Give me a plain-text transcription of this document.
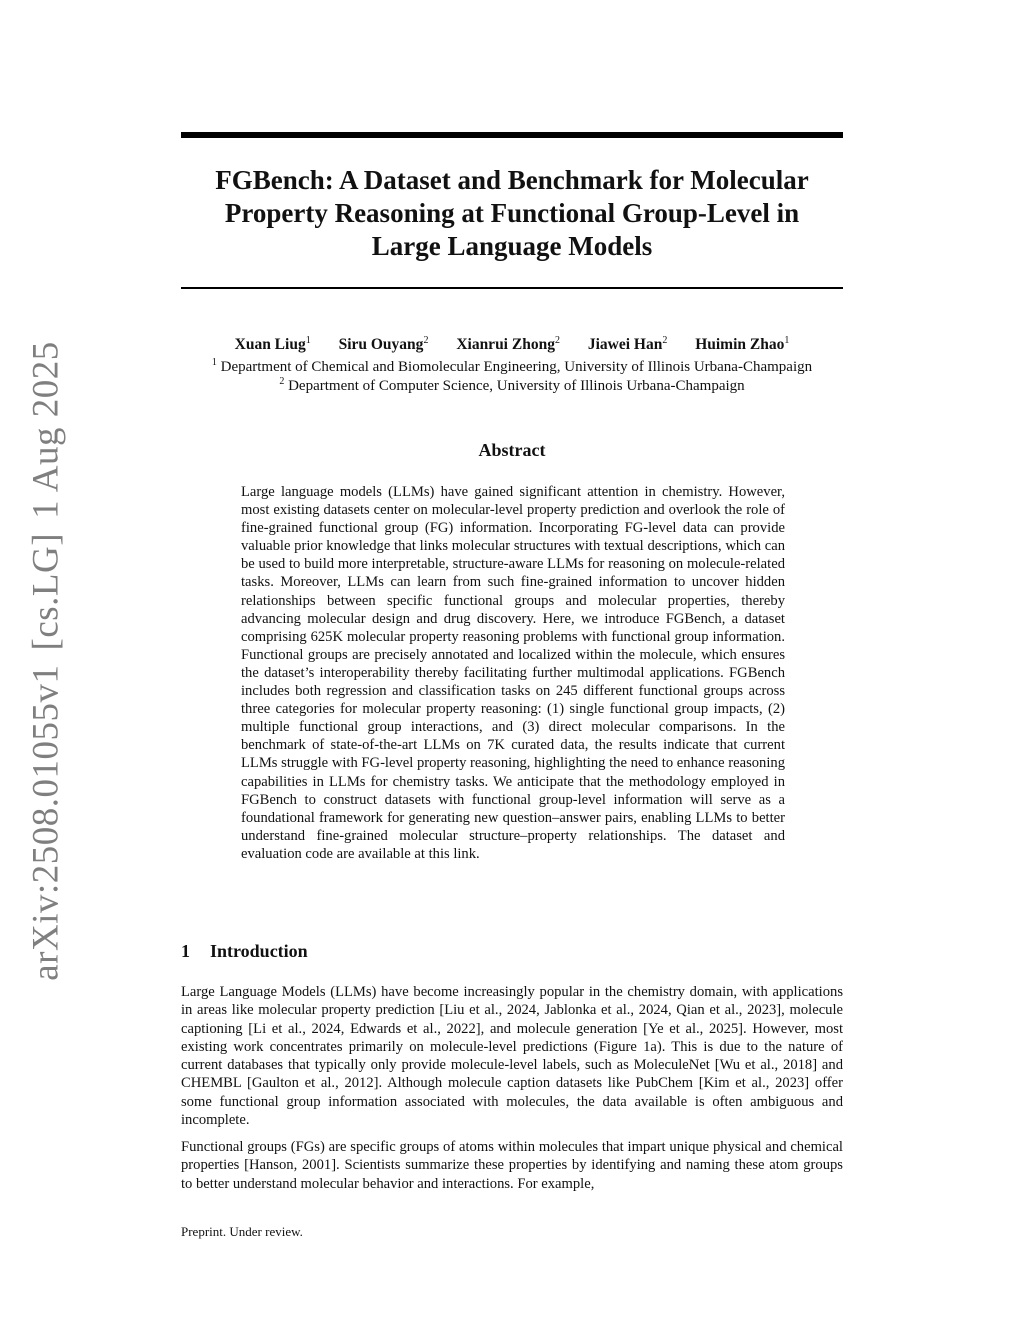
arXiv:2508.01055v1[cs.LG]1 Aug 2025
FGBench: A Dataset and Benchmark for Molecular
Property Reasoning at Functional Group-Level in
Large Language Models
Xuan Liug$^1$ Siru Ouyang$^2$ Xianrui Zhong$^2$ Jiawei Han$^2$ Huimin Zhao$^1$
$^1$ Department of Chemical and Biomolecular Engineering, University of Illinois Urbana-Champaign
$^2$ Department of Computer Science, University of Illinois Urbana-Champaign
Abstract

Large language models (LLMs) have gained significant attention in chemistry. However, most existing datasets center on molecular-level property prediction and overlook the role of fine-grained functional group (FG) information. Incorporating FG-level data can provide valuable prior knowledge that links molecular structures with textual descriptions, which can be used to build more interpretable, structure-aware LLMs for reasoning on molecule-related tasks. Moreover, LLMs can learn from such fine-grained information to uncover hidden relationships between specific functional groups and molecular properties, thereby advancing molecular design and drug discovery. Here, we introduce FGBench, a dataset comprising 625K molecular property reasoning problems with functional group information. Functional groups are precisely annotated and localized within the molecule, which ensures the dataset’s interoperability thereby facilitating further multimodal applications. FGBench includes both regression and classification tasks on 245 different functional groups across three categories for molecular property reasoning: (1) single functional group impacts, (2) multiple functional group interactions, and (3) direct molecular comparisons. In the benchmark of state-of-the-art LLMs on 7K curated data, the results indicate that current LLMs struggle with FG-level property reasoning, highlighting the need to enhance reasoning capabilities in LLMs for chemistry tasks. We anticipate that the methodology employed in FGBench to construct datasets with functional group-level information will serve as a foundational framework for generating new question–answer pairs, enabling LLMs to better understand fine-grained molecular structure–property relationships. The dataset and evaluation code are available at this link.

1 Introduction

Large Language Models (LLMs) have become increasingly popular in the chemistry domain, with applications in areas like molecular property prediction [Liu et al., 2024, Jablonka et al., 2024, Qian et al., 2023], molecule captioning [Li et al., 2024, Edwards et al., 2022], and molecule generation [Ye et al., 2025]. However, most existing work concentrates primarily on molecule-level predictions (Figure 1a). This is due to the nature of current databases that typically only provide molecule-level labels, such as MoleculeNet [Wu et al., 2018] and CHEMBL [Gaulton et al., 2012]. Although molecule caption datasets like PubChem [Kim et al., 2023] offer some functional group information associated with molecules, the data available is often ambiguous and incomplete.

Functional groups (FGs) are specific groups of atoms within molecules that impart unique physical and chemical properties [Hanson, 2001]. Scientists summarize these properties by identifying and naming these atom groups to better understand molecular behavior and interactions. For example,

Preprint. Under review.
